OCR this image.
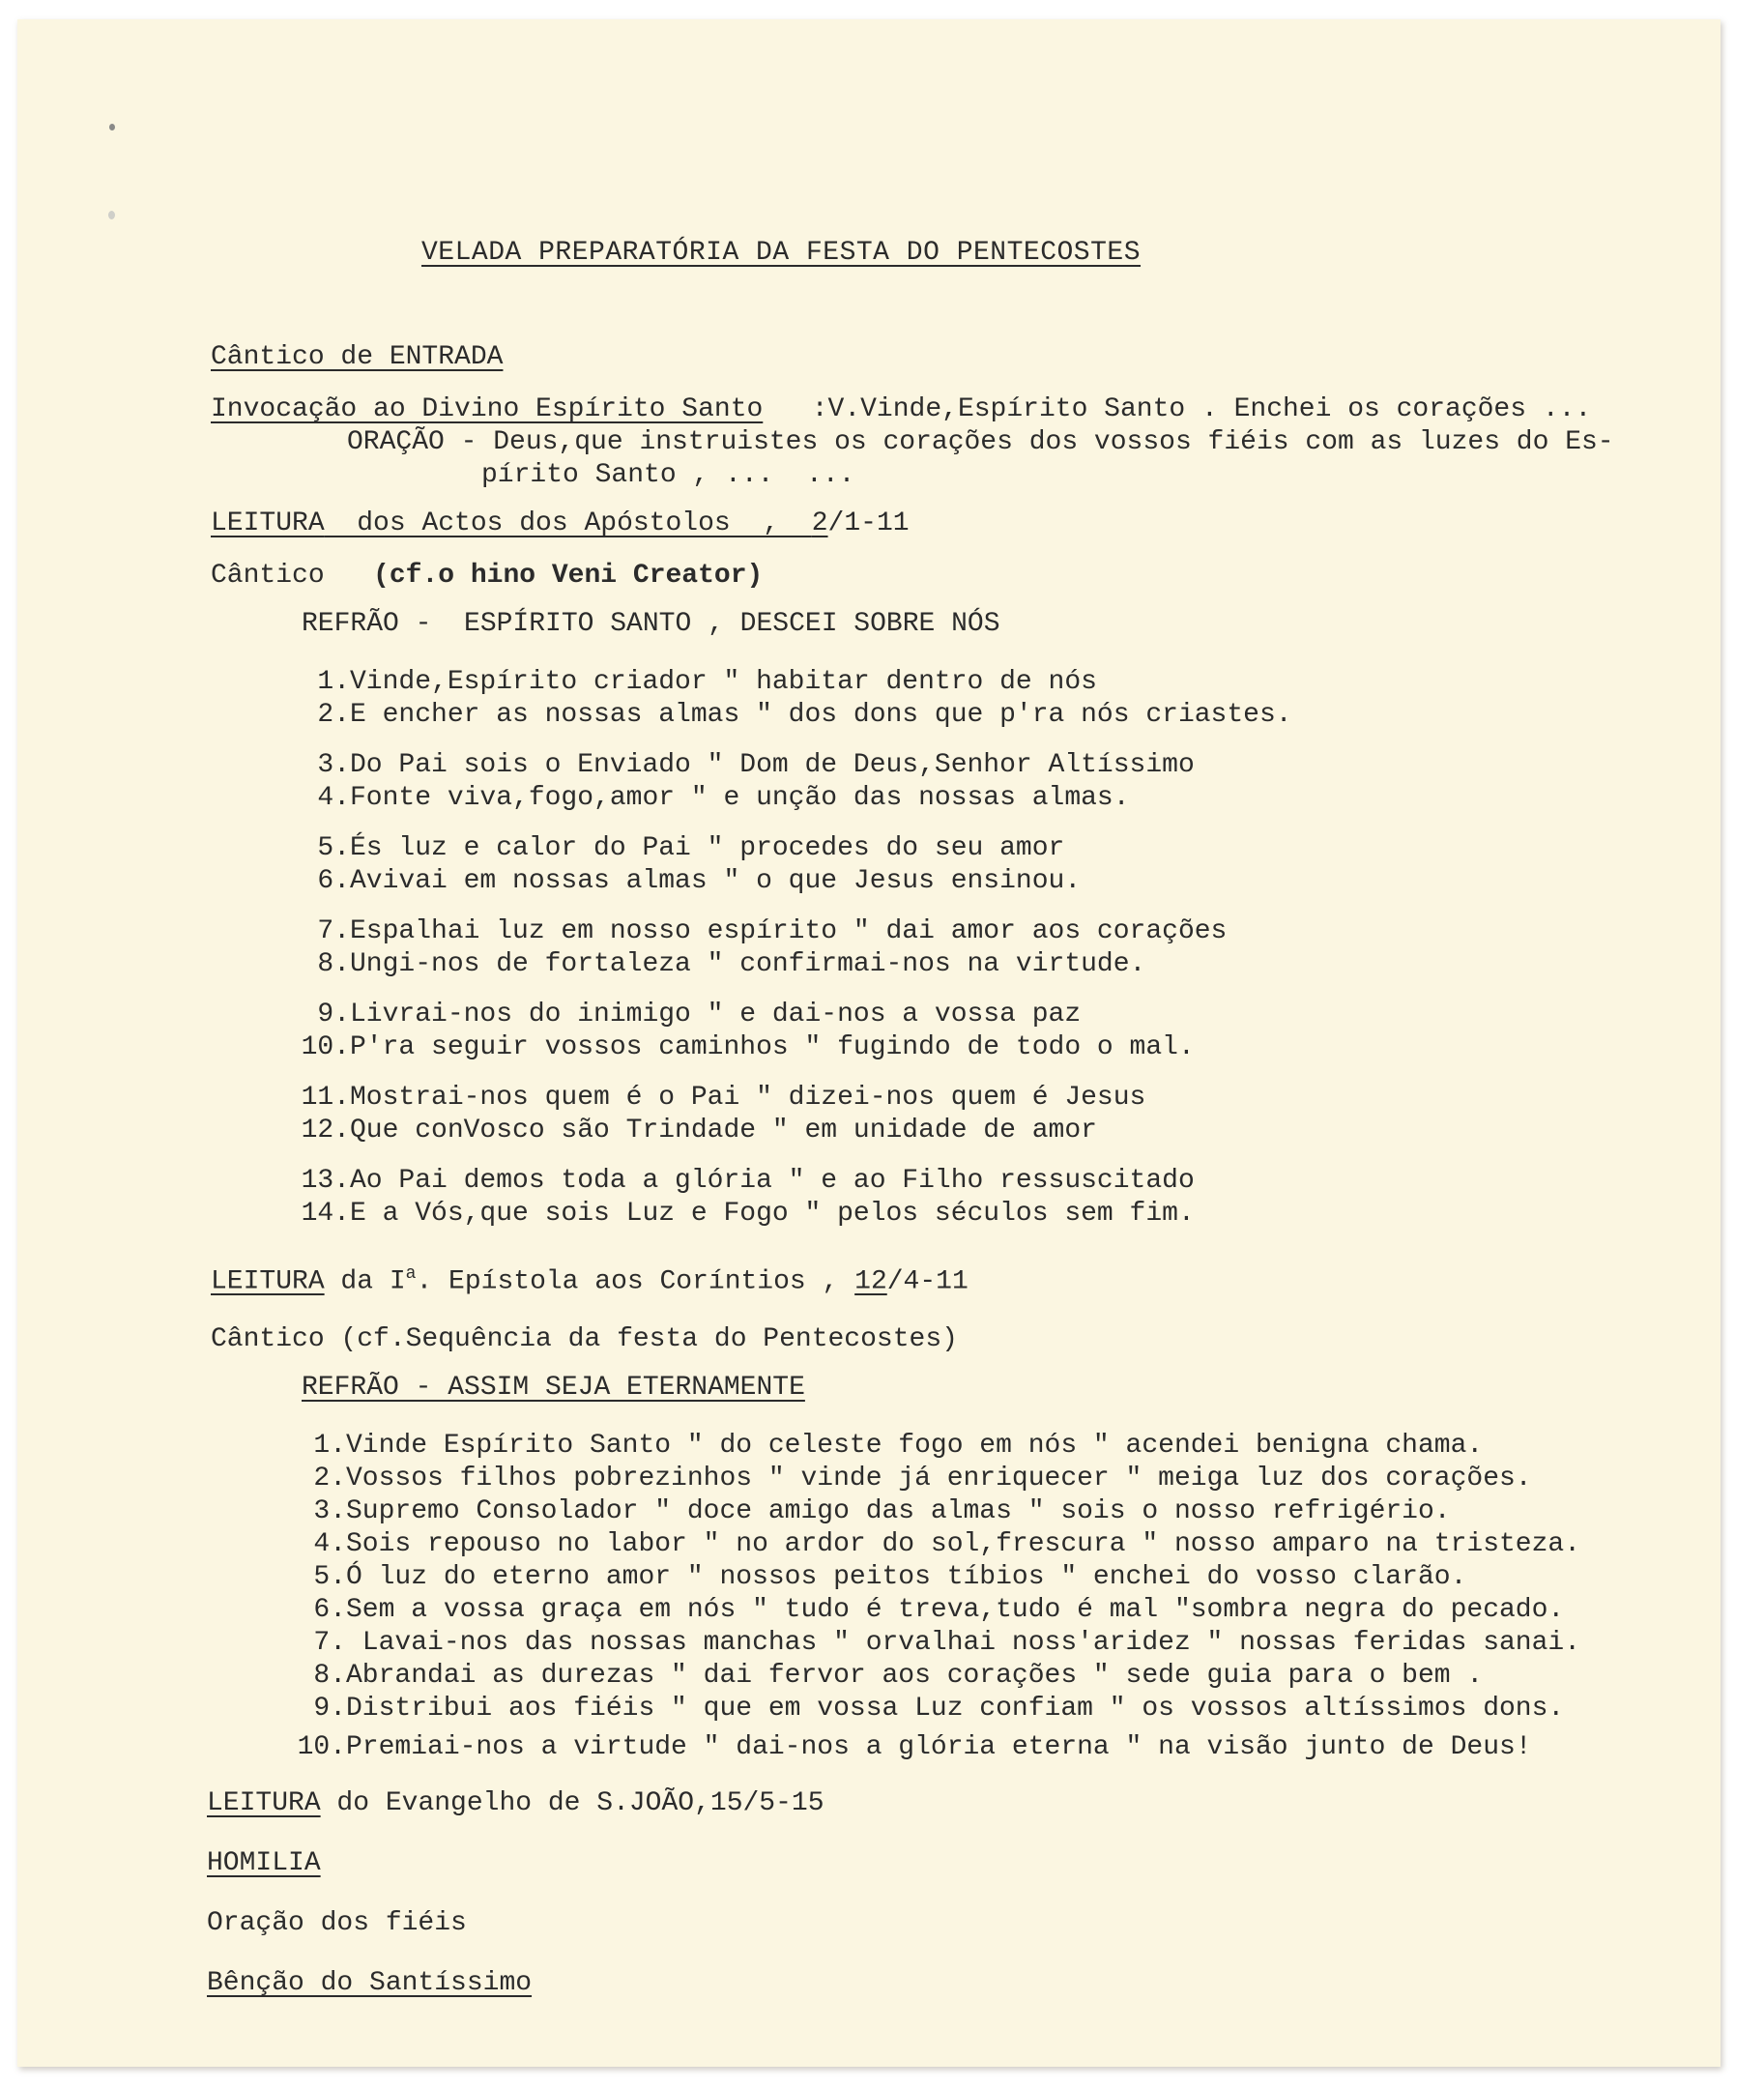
VELADA PREPARATÓRIA DA FESTA DO PENTECOSTES
Cântico de ENTRADA
Invocação ao Divino Espírito Santo :V.Vinde,Espírito Santo . Enchei os corações ...
ORAÇÃO - Deus,que instruistes os corações dos vossos fiéis com as luzes do Es-
pírito Santo , ...  ...
LEITURA  dos Actos dos Apóstolos  ,  2/1-11
Cântico (cf.o hino Veni Creator)
REFRÃO -  ESPÍRITO SANTO , DESCEI SOBRE NÓS
1.Vinde,Espírito criador " habitar dentro de nós
2.E encher as nossas almas " dos dons que p'ra nós criastes.
3.Do Pai sois o Enviado " Dom de Deus,Senhor Altíssimo
4.Fonte viva,fogo,amor " e unção das nossas almas.
5.És luz e calor do Pai " procedes do seu amor
6.Avivai em nossas almas " o que Jesus ensinou.
7.Espalhai luz em nosso espírito " dai amor aos corações
8.Ungi-nos de fortaleza " confirmai-nos na virtude.
9.Livrai-nos do inimigo " e dai-nos a vossa paz
10.P'ra seguir vossos caminhos " fugindo de todo o mal.
11.Mostrai-nos quem é o Pai " dizei-nos quem é Jesus
12.Que conVosco são Trindade " em unidade de amor
13.Ao Pai demos toda a glória " e ao Filho ressuscitado
14.E a Vós,que sois Luz e Fogo " pelos séculos sem fim.
LEITURA da $I^a$. Epístola aos Coríntios , 12/4-11
Cântico (cf.Sequência da festa do Pentecostes)
REFRÃO - ASSIM SEJA ETERNAMENTE
1.Vinde Espírito Santo " do celeste fogo em nós " acendei benigna chama.
2.Vossos filhos pobrezinhos " vinde já enriquecer " meiga luz dos corações.
3.Supremo Consolador " doce amigo das almas " sois o nosso refrigério.
4.Sois repouso no labor " no ardor do sol,frescura " nosso amparo na tristeza.
5.Ó luz do eterno amor " nossos peitos tíbios " enchei do vosso clarão.
6.Sem a vossa graça em nós " tudo é treva,tudo é mal "sombra negra do pecado.
7. Lavai-nos das nossas manchas " orvalhai noss'aridez " nossas feridas sanai.
8.Abrandai as durezas " dai fervor aos corações " sede guia para o bem .
9.Distribui aos fiéis " que em vossa Luz confiam " os vossos altíssimos dons.
10.Premiai-nos a virtude " dai-nos a glória eterna " na visão junto de Deus!
LEITURA do Evangelho de S.JOÃO,15/5-15
HOMILIA
Oração dos fiéis
Bênção do Santíssimo
